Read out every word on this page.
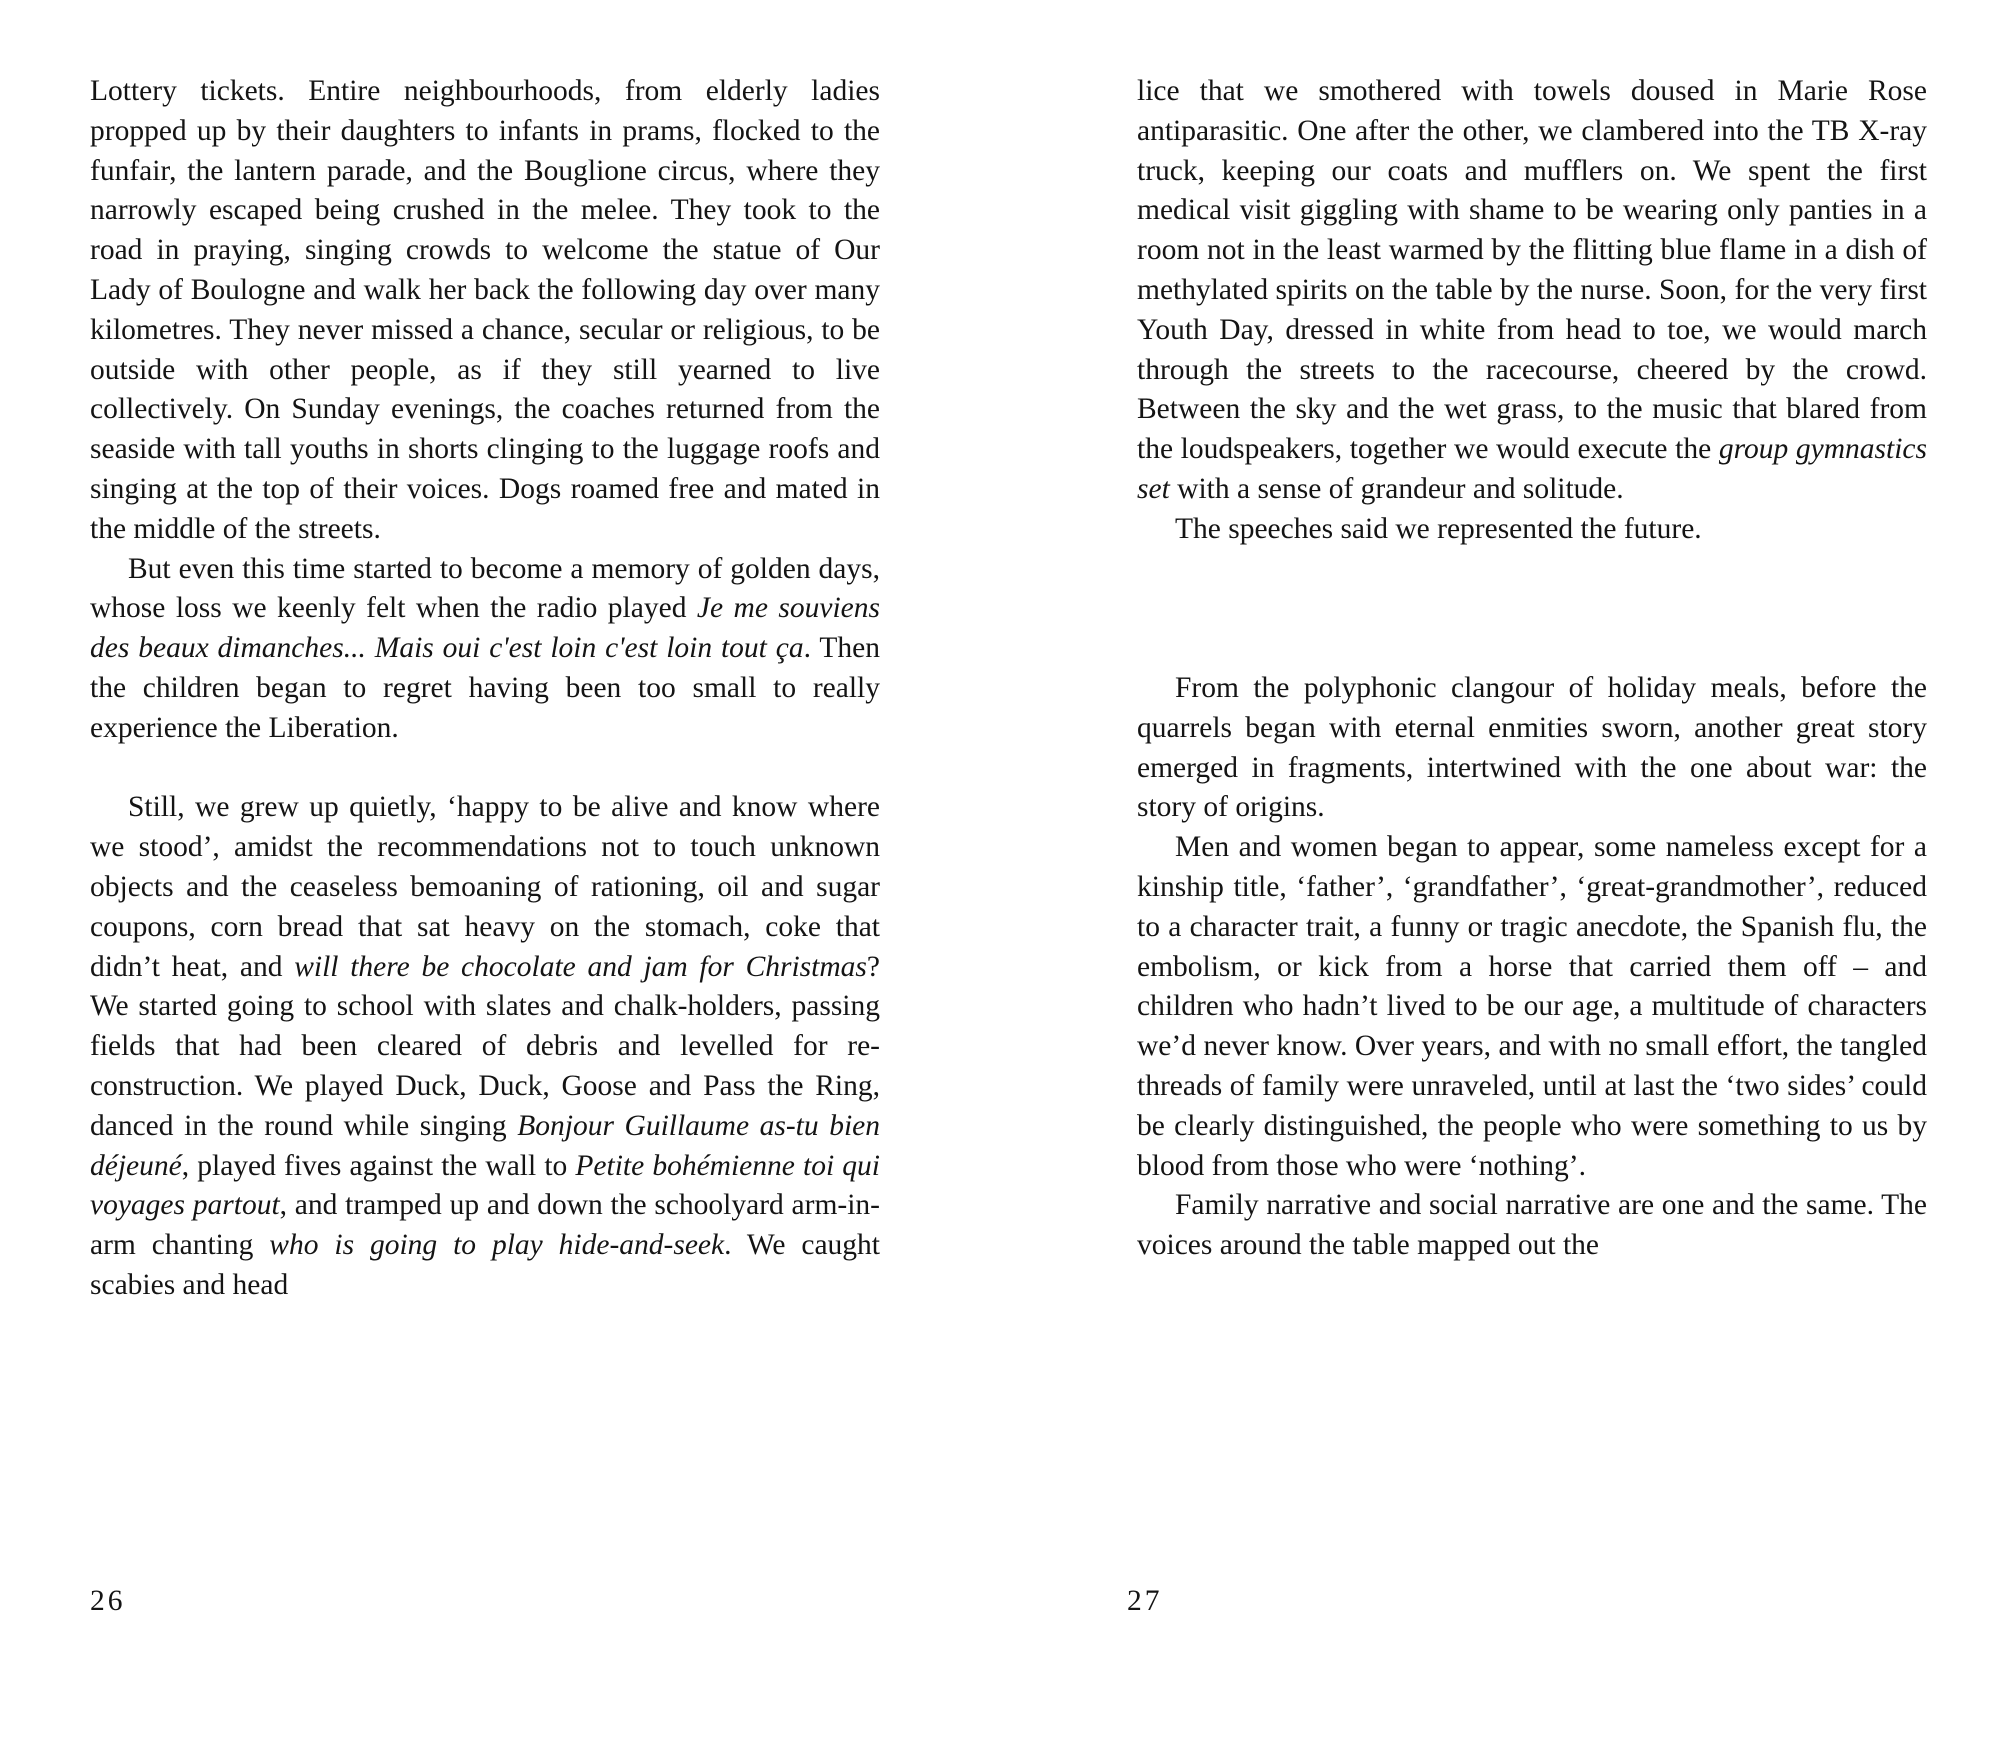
Lottery tickets. Entire neighbourhoods, from elderly ladies propped up by their daughters to infants in prams, flocked to the funfair, the lantern parade, and the Bouglione circus, where they narrowly escaped being crushed in the melee. They took to the road in praying, singing crowds to welcome the statue of Our Lady of Boulogne and walk her back the following day over many kilometres. They never missed a chance, secular or religious, to be outside with other people, as if they still yearned to live collectively. On Sunday evenings, the coaches returned from the seaside with tall youths in shorts clinging to the luggage roofs and singing at the top of their voices. Dogs roamed free and mated in the middle of the streets.

But even this time started to become a memory of golden days, whose loss we keenly felt when the radio played Je me souviens des beaux dimanches... Mais oui c'est loin c'est loin tout ça. Then the children began to regret having been too small to really experience the Liberation.

Still, we grew up quietly, ‘happy to be alive and know where we stood’, amidst the recommendations not to touch unknown objects and the ceaseless bemoaning of rationing, oil and sugar coupons, corn bread that sat heavy on the stomach, coke that didn’t heat, and will there be chocolate and jam for Christmas? We started going to school with slates and chalk-holders, passing fields that had been cleared of debris and levelled for reconstruction. We played Duck, Duck, Goose and Pass the Ring, danced in the round while singing Bonjour Guillaume as-tu bien déjeuné, played fives against the wall to Petite bohémienne toi qui voyages partout, and tramped up and down the schoolyard arm-in-arm chanting who is going to play hide-and-seek. We caught scabies and head

26

lice that we smothered with towels doused in Marie Rose antiparasitic. One after the other, we clambered into the TB X-ray truck, keeping our coats and mufflers on. We spent the first medical visit giggling with shame to be wearing only panties in a room not in the least warmed by the flitting blue flame in a dish of methylated spirits on the table by the nurse. Soon, for the very first Youth Day, dressed in white from head to toe, we would march through the streets to the racecourse, cheered by the crowd. Between the sky and the wet grass, to the music that blared from the loudspeakers, together we would execute the group gymnastics set with a sense of grandeur and solitude.

The speeches said we represented the future.

From the polyphonic clangour of holiday meals, before the quarrels began with eternal enmities sworn, another great story emerged in fragments, intertwined with the one about war: the story of origins.

Men and women began to appear, some nameless except for a kinship title, ‘father’, ‘grandfather’, ‘great-grandmother’, reduced to a character trait, a funny or tragic anecdote, the Spanish flu, the embolism, or kick from a horse that carried them off – and children who hadn’t lived to be our age, a multitude of characters we’d never know. Over years, and with no small effort, the tangled threads of family were unraveled, until at last the ‘two sides’ could be clearly distinguished, the people who were something to us by blood from those who were ‘nothing’.

Family narrative and social narrative are one and the same. The voices around the table mapped out the

27
